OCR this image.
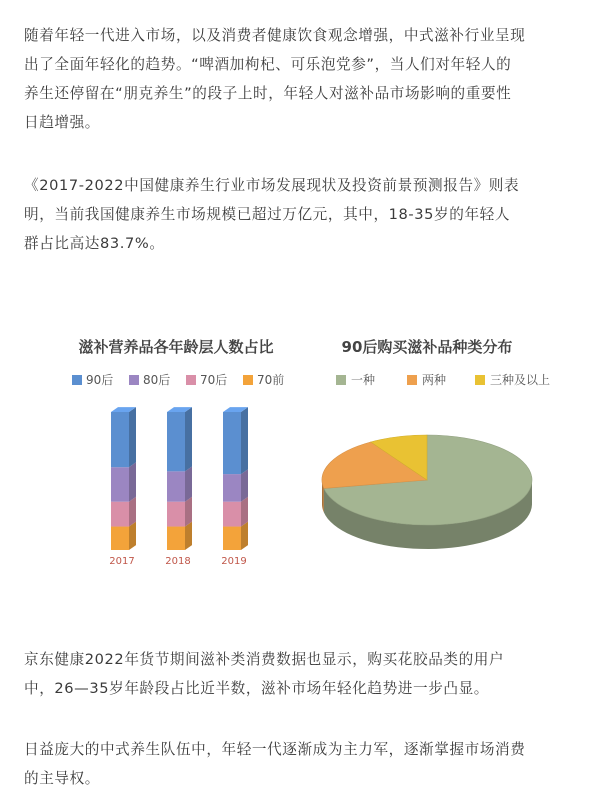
随着年轻一代进入市场，以及消费者健康饮食观念增强，中式滋补行业呈现
出了全面年轻化的趋势。“啤酒加枸杞、可乐泡党参”，当人们对年轻人的
养生还停留在“朋克养生”的段子上时，年轻人对滋补品市场影响的重要性
日趋增强。
《2017-2022中国健康养生行业市场发展现状及投资前景预测报告》则表
明，当前我国健康养生市场规模已超过万亿元，其中，18-35岁的年轻人
群占比高达83.7%。
滋补营养品各年龄层人数占比
90后 80后 70后 70前
2017	2018	2019
90后购买滋补品种类分布
一种	两种	三种及以上
京东健康2022年货节期间滋补类消费数据也显示，购买花胶品类的用户
中，26—35岁年龄段占比近半数，滋补市场年轻化趋势进一步凸显。
日益庞大的中式养生队伍中，年轻一代逐渐成为主力军，逐渐掌握市场消费
的主导权。
